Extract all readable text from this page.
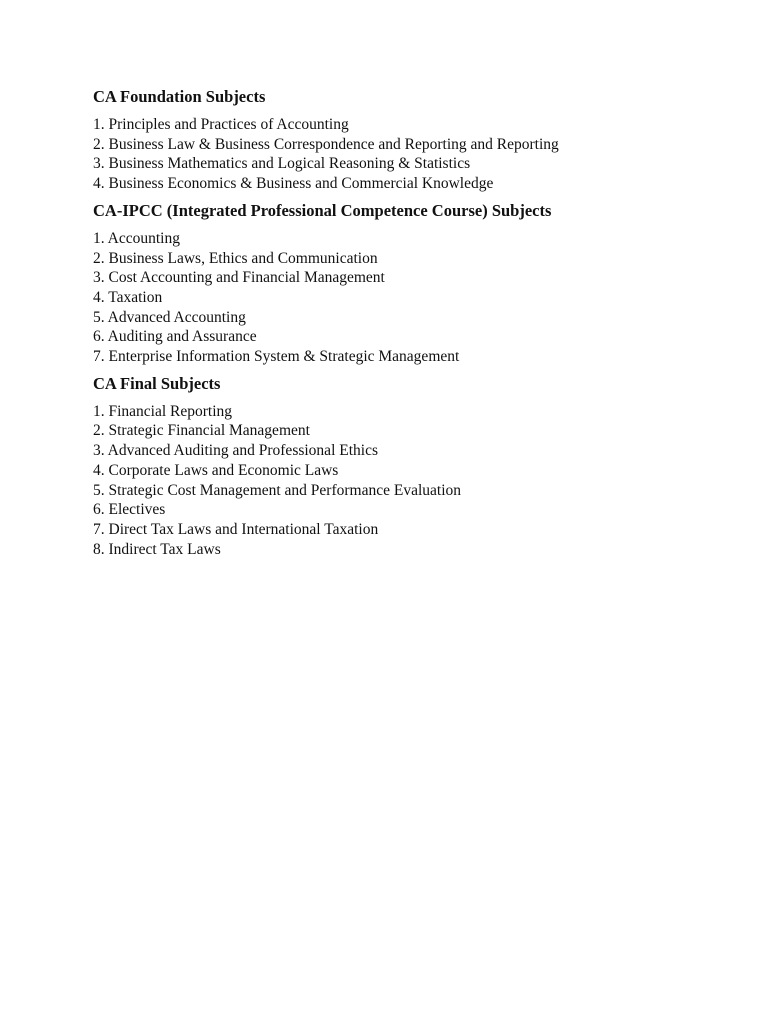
CA Foundation Subjects
1. Principles and Practices of Accounting
2. Business Law & Business Correspondence and Reporting and Reporting
3. Business Mathematics and Logical Reasoning & Statistics
4. Business Economics & Business and Commercial Knowledge
CA-IPCC (Integrated Professional Competence Course) Subjects
1. Accounting
2. Business Laws, Ethics and Communication
3. Cost Accounting and Financial Management
4. Taxation
5. Advanced Accounting
6. Auditing and Assurance
7. Enterprise Information System & Strategic Management
CA Final Subjects
1. Financial Reporting
2. Strategic Financial Management
3. Advanced Auditing and Professional Ethics
4. Corporate Laws and Economic Laws
5. Strategic Cost Management and Performance Evaluation
6. Electives
7. Direct Tax Laws and International Taxation
8. Indirect Tax Laws
